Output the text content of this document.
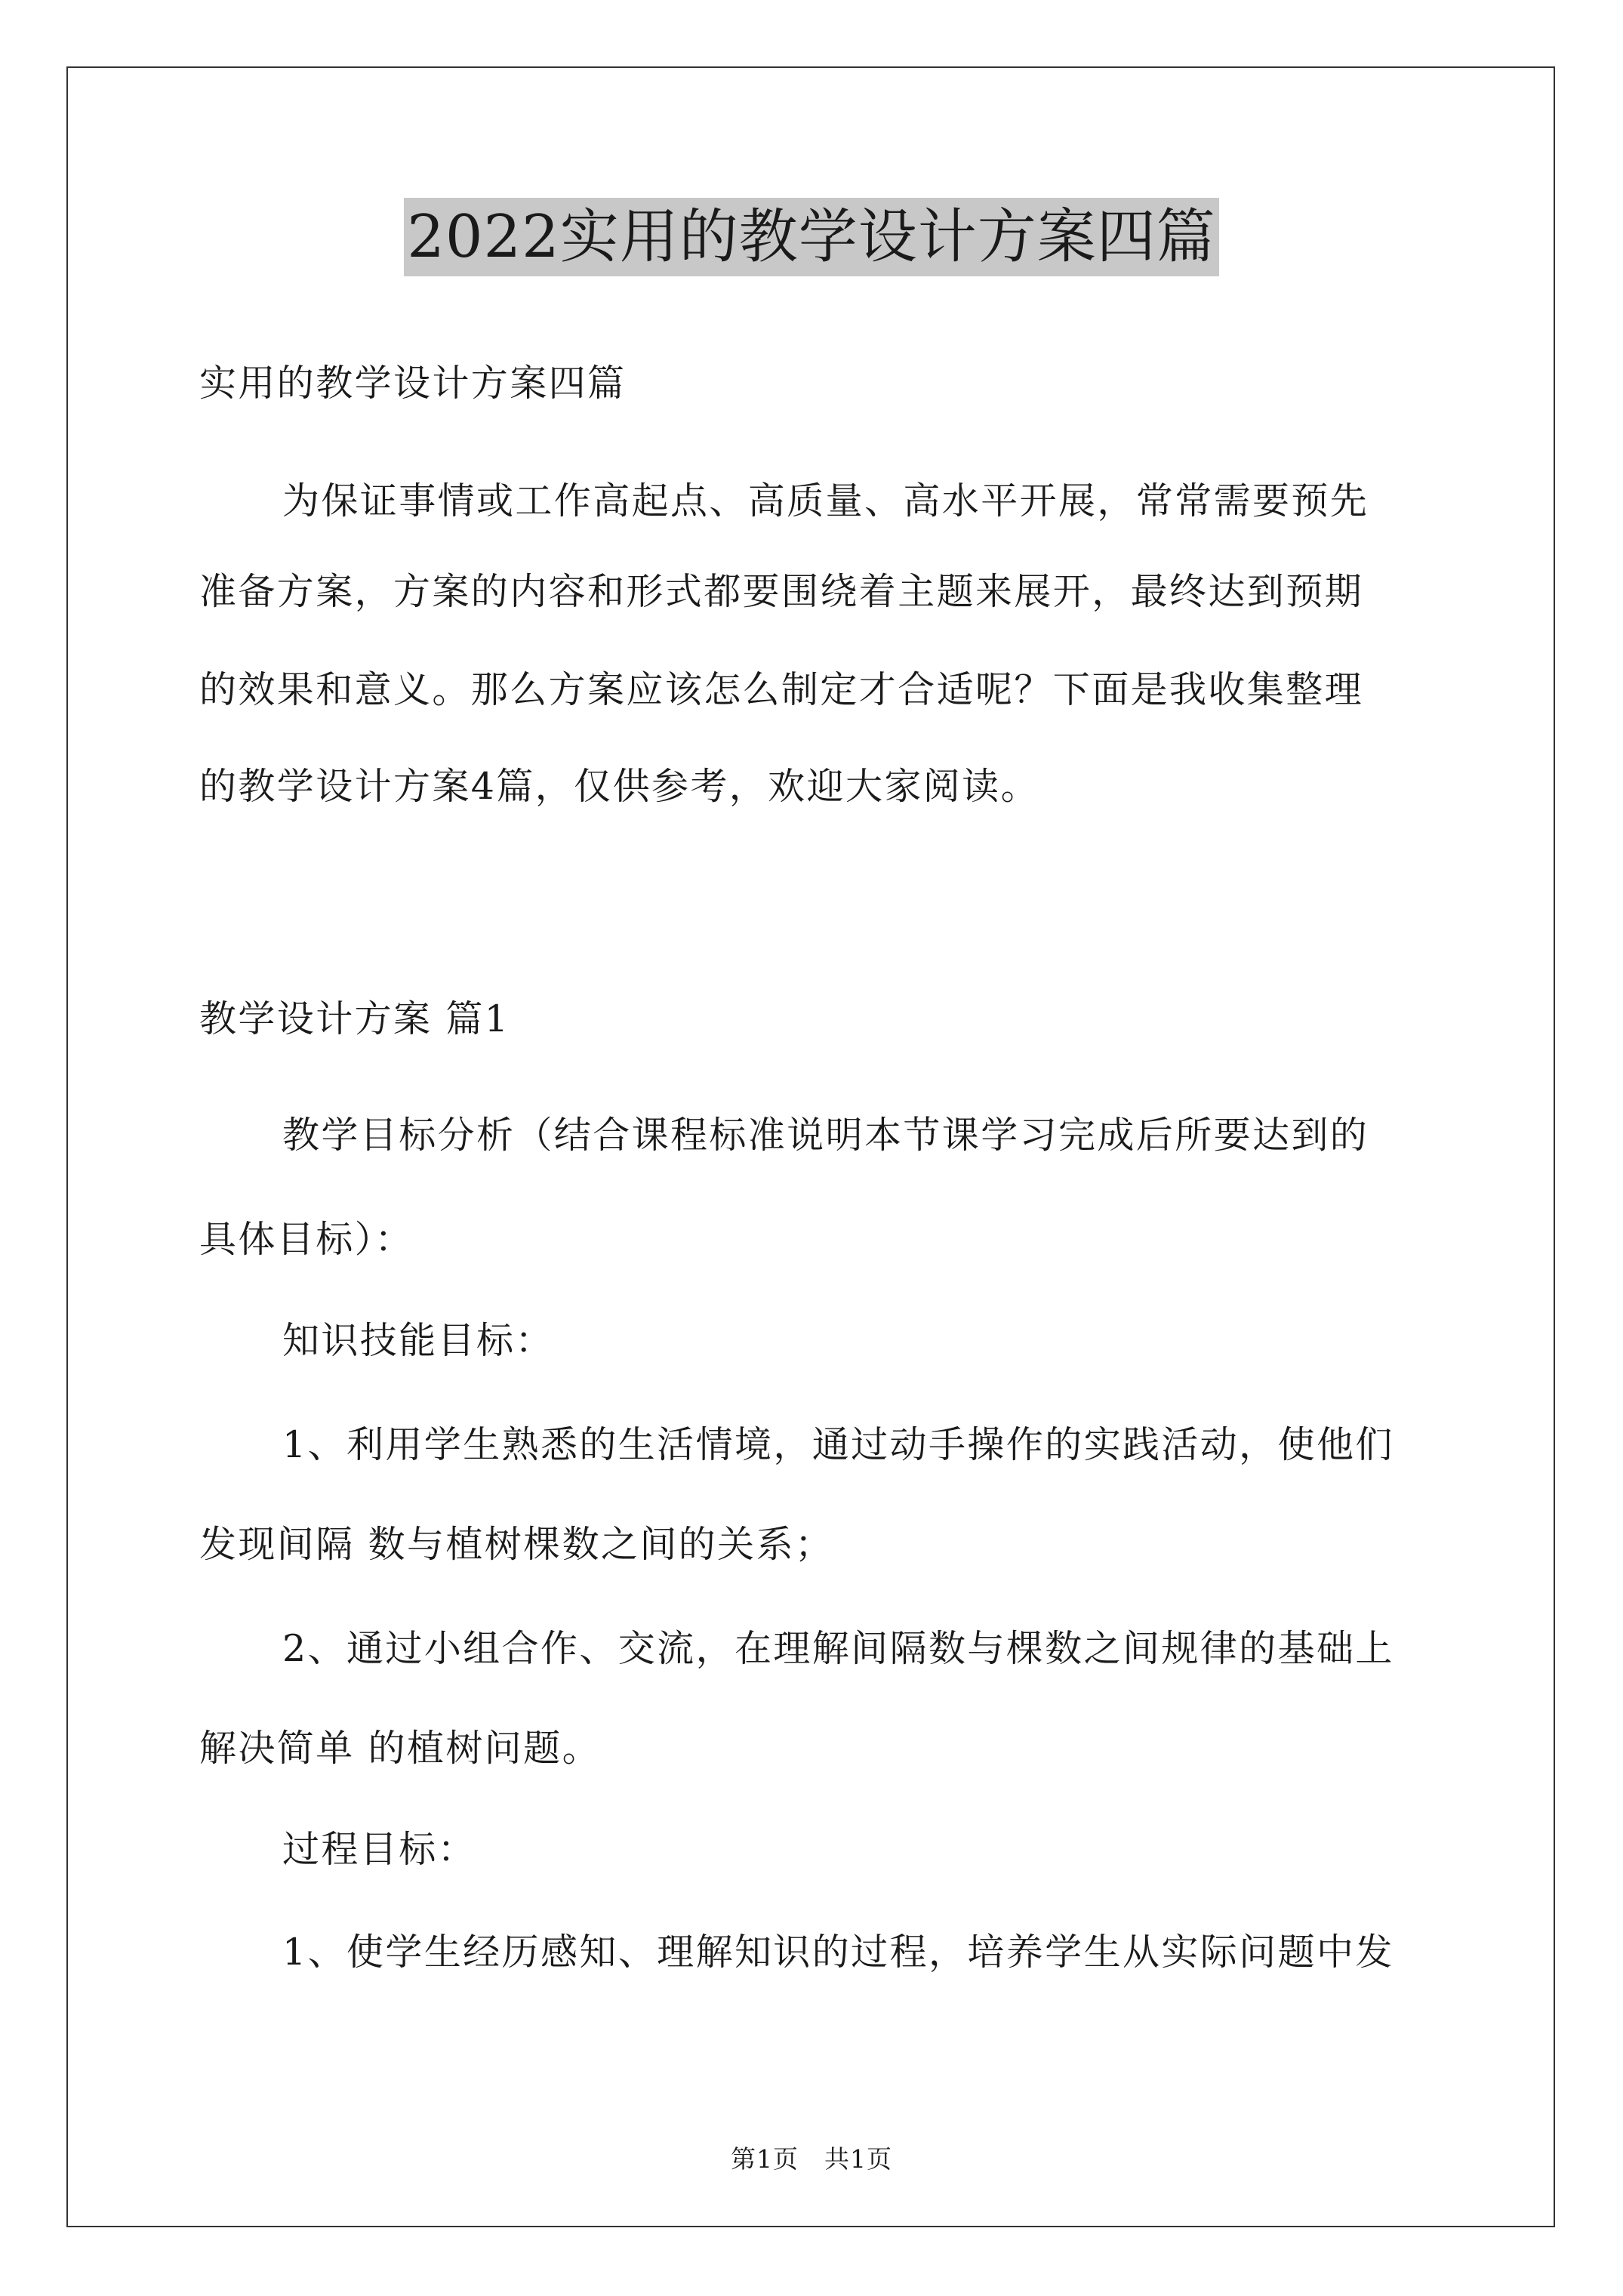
2022实用的教学设计方案四篇
实用的教学设计方案四篇
为保证事情或工作高起点、高质量、高水平开展，常常需要预先
准备方案，方案的内容和形式都要围绕着主题来展开，最终达到预期
的效果和意义。那么方案应该怎么制定才合适呢？下面是我收集整理
的教学设计方案4篇，仅供参考，欢迎大家阅读。
教学设计方案 篇1
教学目标分析（结合课程标准说明本节课学习完成后所要达到的
具体目标）：
知识技能目标：
1、利用学生熟悉的生活情境，通过动手操作的实践活动，使他们
发现间隔 数与植树棵数之间的关系；
2、通过小组合作、交流，在理解间隔数与棵数之间规律的基础上
解决简单 的植树问题。
过程目标：
1、使学生经历感知、理解知识的过程，培养学生从实际问题中发
第1页　共1页
